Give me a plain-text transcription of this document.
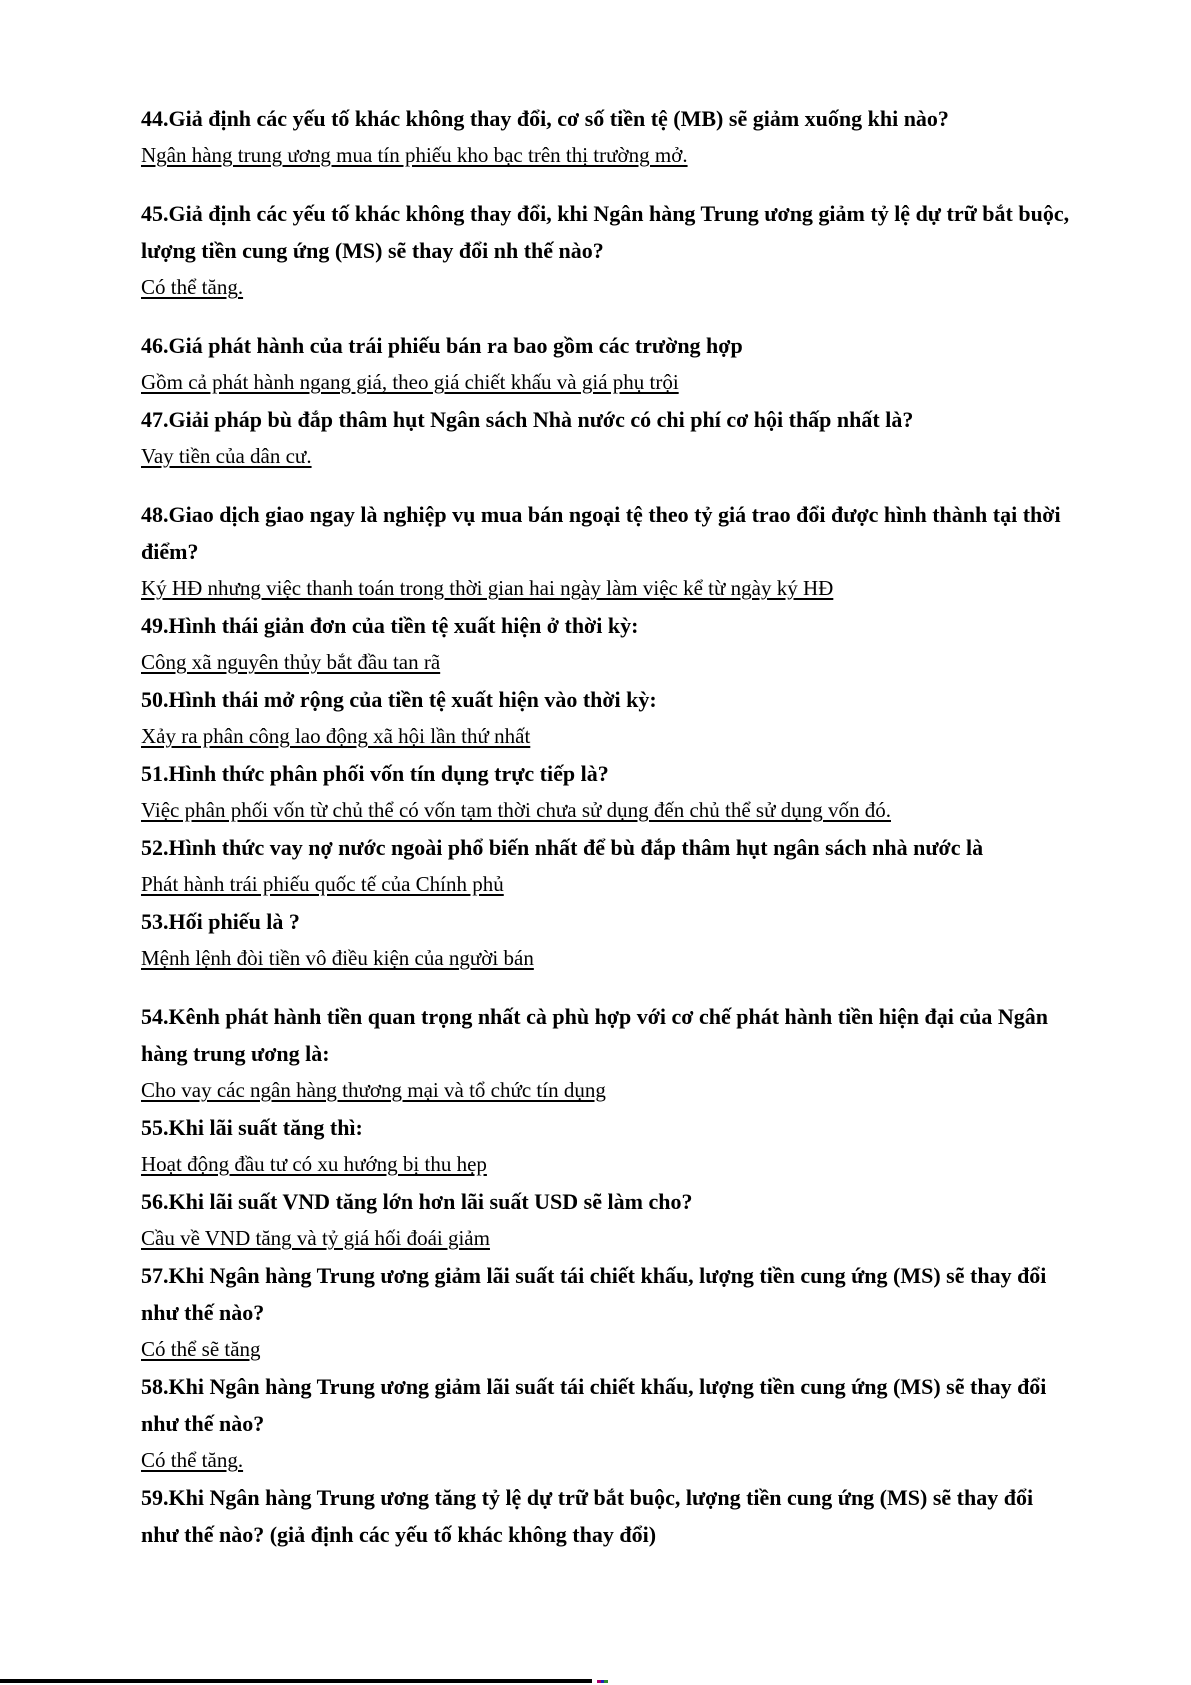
44.Giả định các yếu tố khác không thay đổi, cơ số tiền tệ (MB) sẽ giảm xuống khi nào?

Ngân hàng trung ương mua tín phiếu kho bạc trên thị trường mở.

45.Giả định các yếu tố khác không thay đổi, khi Ngân hàng Trung ương giảm tỷ lệ dự trữ bắt buộc, lượng tiền cung ứng (MS) sẽ thay đổi nh thế nào?

Có thể tăng.

46.Giá phát hành của trái phiếu bán ra bao gồm các trường hợp

Gồm cả phát hành ngang giá, theo giá chiết khấu và giá phụ trội

47.Giải pháp bù đắp thâm hụt Ngân sách Nhà nước có chi phí cơ hội thấp nhất là?

Vay tiền của dân cư.

48.Giao dịch giao ngay là nghiệp vụ mua bán ngoại tệ theo tỷ giá trao đổi được hình thành tại thời điểm?

Ký HĐ nhưng việc thanh toán trong thời gian hai ngày làm việc kể từ ngày ký HĐ

49.Hình thái giản đơn của tiền tệ xuất hiện ở thời kỳ:

Công xã nguyên thủy bắt đầu tan rã

50.Hình thái mở rộng của tiền tệ xuất hiện vào thời kỳ:

Xảy ra phân công lao động xã hội lần thứ nhất

51.Hình thức phân phối vốn tín dụng trực tiếp là?

Việc phân phối vốn từ chủ thể có vốn tạm thời chưa sử dụng đến chủ thể sử dụng vốn đó.

52.Hình thức vay nợ nước ngoài phổ biến nhất để bù đắp thâm hụt ngân sách nhà nước là

Phát hành trái phiếu quốc tế của Chính phủ

53.Hối phiếu là ?

Mệnh lệnh đòi tiền vô điều kiện của người bán

54.Kênh phát hành tiền quan trọng nhất cà phù hợp với cơ chế phát hành tiền hiện đại của Ngân hàng trung ương là:

Cho vay các ngân hàng thương mại và tổ chức tín dụng

55.Khi lãi suất tăng thì:

Hoạt động đầu tư có xu hướng bị thu hẹp

56.Khi lãi suất VND tăng lớn hơn lãi suất USD sẽ làm cho?

Cầu về VND tăng và tỷ giá hối đoái giảm

57.Khi Ngân hàng Trung ương giảm lãi suất tái chiết khấu, lượng tiền cung ứng (MS) sẽ thay đổi như thế nào?

Có thể sẽ tăng

58.Khi Ngân hàng Trung ương giảm lãi suất tái chiết khấu, lượng tiền cung ứng (MS) sẽ thay đổi như thế nào?

Có thể tăng.

59.Khi Ngân hàng Trung ương tăng tỷ lệ dự trữ bắt buộc, lượng tiền cung ứng (MS) sẽ thay đổi như thế nào? (giả định các yếu tố khác không thay đổi)
